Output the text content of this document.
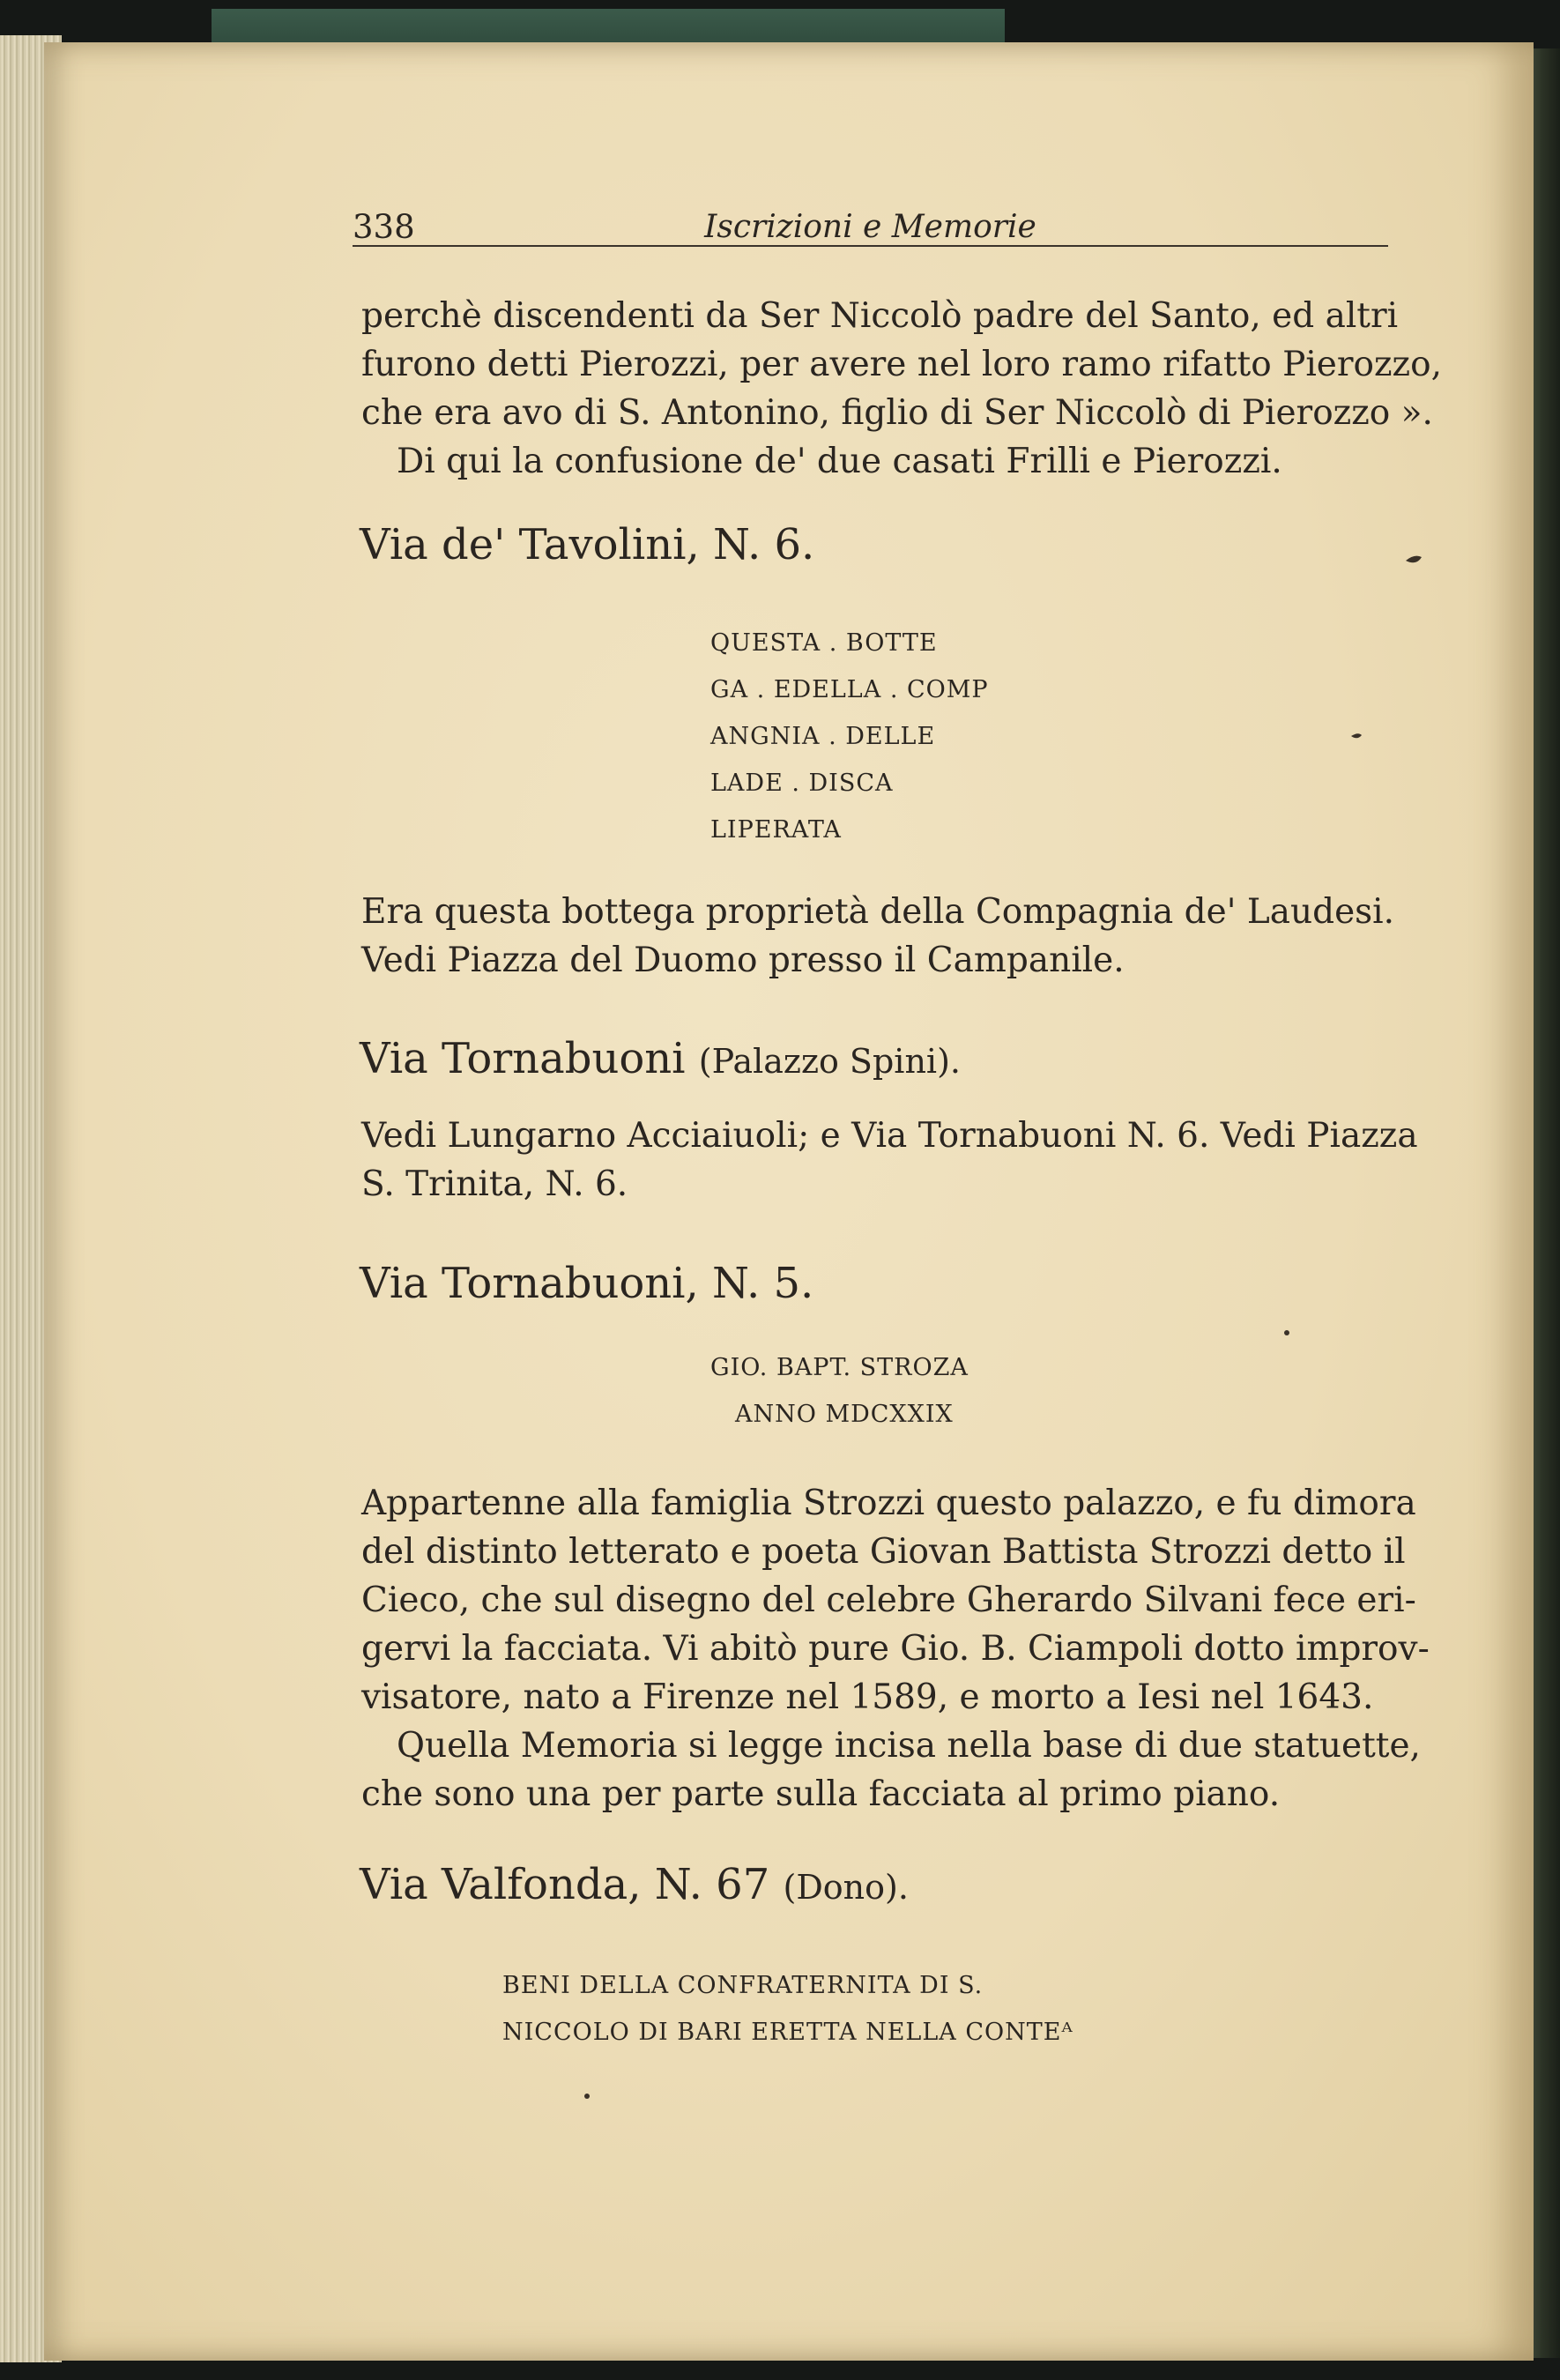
338	Iscrizioni e Memorie

perchè discendenti da Ser Niccolò padre del Santo, ed altri
furono detti Pierozzi, per avere nel loro ramo rifatto Pierozzo,
che era avo di S. Antonino, figlio di Ser Niccolò di Pierozzo ».
Di qui la confusione de' due casati Frilli e Pierozzi.

Via de' Tavolini, N. 6.
QUESTA . BOTTE
GA . EDELLA . COMP
ANGNIA . DELLE
LADE . DISCA
LIPERATA

Era questa bottega proprietà della Compagnia de' Laudesi.
Vedi Piazza del Duomo presso il Campanile.

Via Tornabuoni (Palazzo Spini).

Vedi Lungarno Acciaiuoli; e Via Tornabuoni N. 6. Vedi Piazza
S. Trinita, N. 6.

Via Tornabuoni, N. 5.
GIO. BAPT. STROZA
ANNO MDCXXIX

Appartenne alla famiglia Strozzi questo palazzo, e fu dimora
del distinto letterato e poeta Giovan Battista Strozzi detto il
Cieco, che sul disegno del celebre Gherardo Silvani fece eri-
gervi la facciata. Vi abitò pure Gio. B. Ciampoli dotto improv-
visatore, nato a Firenze nel 1589, e morto a Iesi nel 1643.
Quella Memoria si legge incisa nella base di due statuette,
che sono una per parte sulla facciata al primo piano.

Via Valfonda, N. 67 (Dono).
BENI DELLA CONFRATERNITA DI S.
NICCOLO DI BARI ERETTA NELLA CONTEᴬ
